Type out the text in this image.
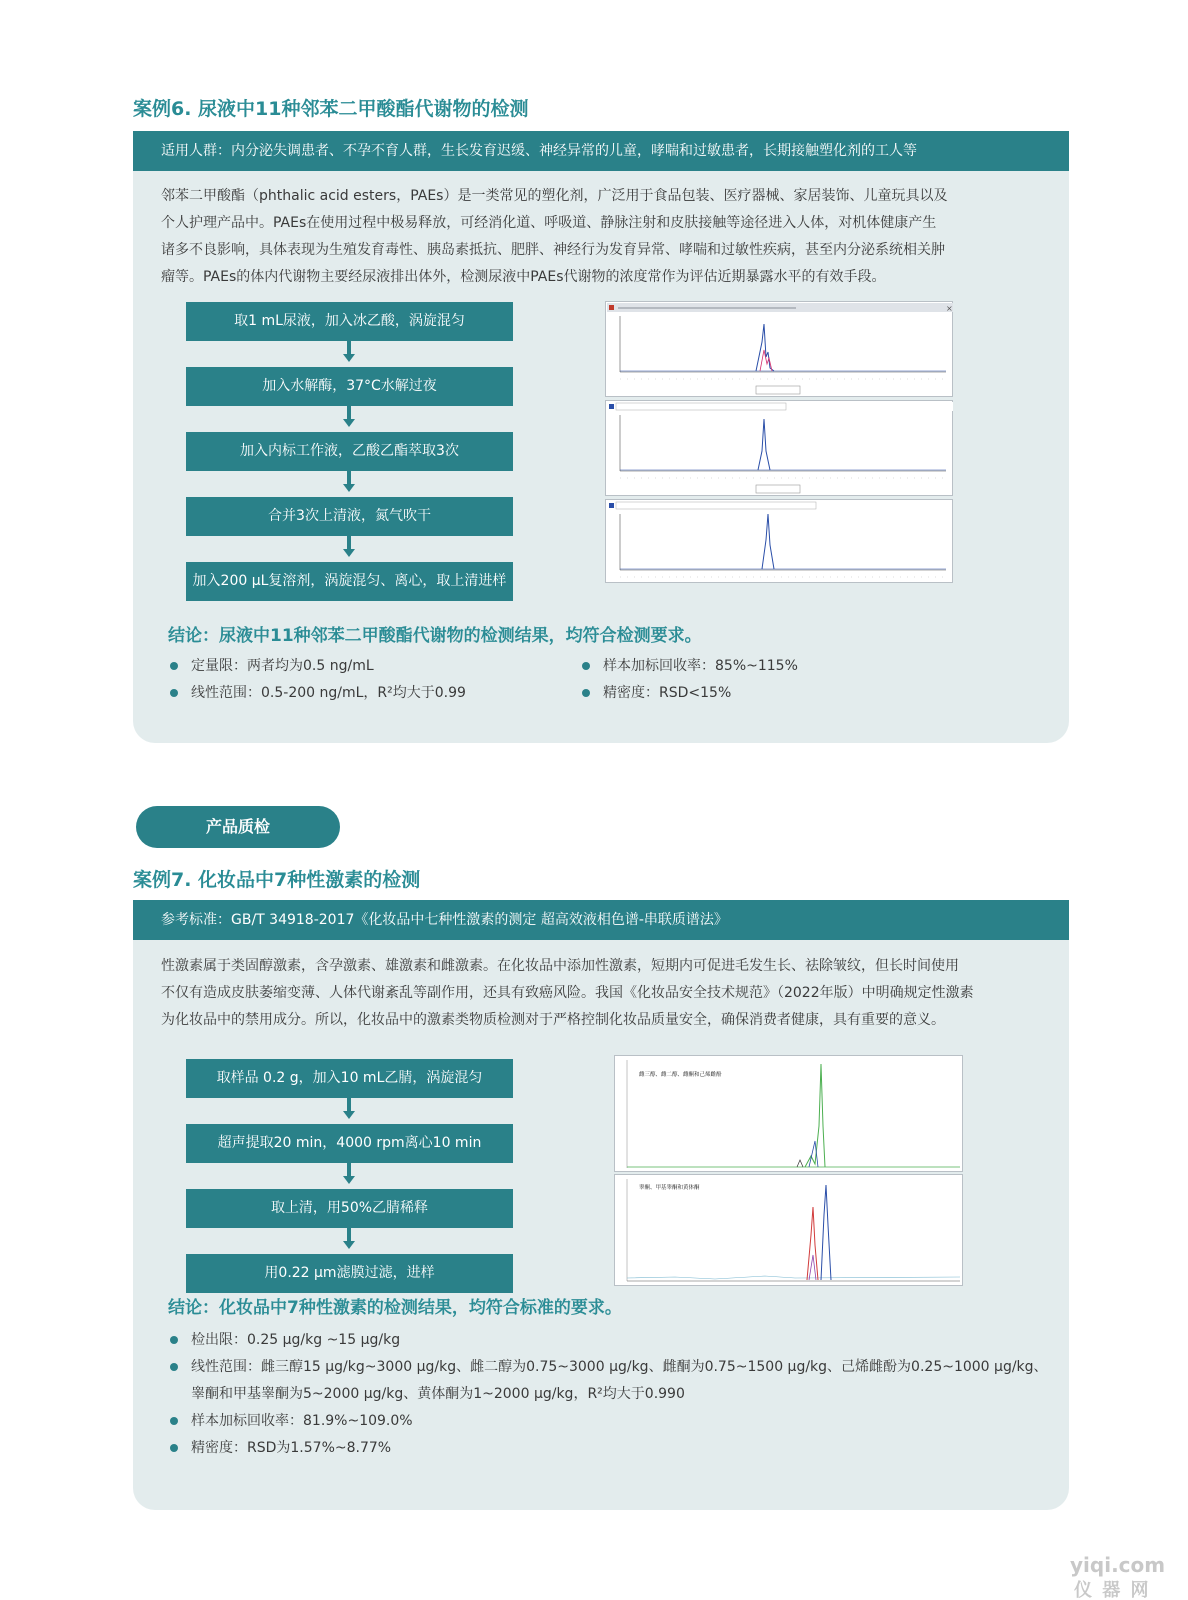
案例6. 尿液中11种邻苯二甲酸酯代谢物的检测
适用人群：内分泌失调患者、不孕不育人群，生长发育迟缓、神经异常的儿童，哮喘和过敏患者，长期接触塑化剂的工人等
邻苯二甲酸酯（phthalic acid esters，PAEs）是一类常见的塑化剂，广泛用于食品包装、医疗器械、家居装饰、儿童玩具以及
个人护理产品中。PAEs在使用过程中极易释放，可经消化道、呼吸道、静脉注射和皮肤接触等途径进入人体，对机体健康产生
诸多不良影响，具体表现为生殖发育毒性、胰岛素抵抗、肥胖、神经行为发育异常、哮喘和过敏性疾病，甚至内分泌系统相关肿
瘤等。PAEs的体内代谢物主要经尿液排出体外，检测尿液中PAEs代谢物的浓度常作为评估近期暴露水平的有效手段。
取1 mL尿液，加入冰乙酸，涡旋混匀
加入水解酶，37°C水解过夜
加入内标工作液，乙酸乙酯萃取3次
合并3次上清液，氮气吹干
加入200 μL复溶剂，涡旋混匀、离心，取上清进样
×
结论：尿液中11种邻苯二甲酸酯代谢物的检测结果，均符合检测要求。
定量限：两者均为0.5 ng/mL
线性范围：0.5-200 ng/mL，R²均大于0.99
样本加标回收率：85%~115%
精密度：RSD<15%
产品质检
案例7. 化妆品中7种性激素的检测
参考标准：GB/T 34918-2017《化妆品中七种性激素的测定 超高效液相色谱-串联质谱法》
性激素属于类固醇激素，含孕激素、雄激素和雌激素。在化妆品中添加性激素，短期内可促进毛发生长、祛除皱纹，但长时间使用
不仅有造成皮肤萎缩变薄、人体代谢紊乱等副作用，还具有致癌风险。我国《化妆品安全技术规范》（2022年版）中明确规定性激素
为化妆品中的禁用成分。所以，化妆品中的激素类物质检测对于严格控制化妆品质量安全，确保消费者健康，具有重要的意义。
取样品 0.2 g，加入10 mL乙腈，涡旋混匀
超声提取20 min，4000 rpm离心10 min
取上清，用50%乙腈稀释
用0.22 μm滤膜过滤，进样
雌三醇、雌二醇、雌酮和己烯雌酚
睾酮、甲基睾酮和黄体酮
结论：化妆品中7种性激素的检测结果，均符合标准的要求。
检出限：0.25 μg/kg ~15 μg/kg
线性范围：雌三醇15 μg/kg~3000 μg/kg、雌二醇为0.75~3000 μg/kg、雌酮为0.75~1500 μg/kg、己烯雌酚为0.25~1000 μg/kg、
睾酮和甲基睾酮为5~2000 μg/kg、黄体酮为1~2000 μg/kg，R²均大于0.990
样本加标回收率：81.9%~109.0%
精密度：RSD为1.57%~8.77%
yiqi.com
仪 器 网
